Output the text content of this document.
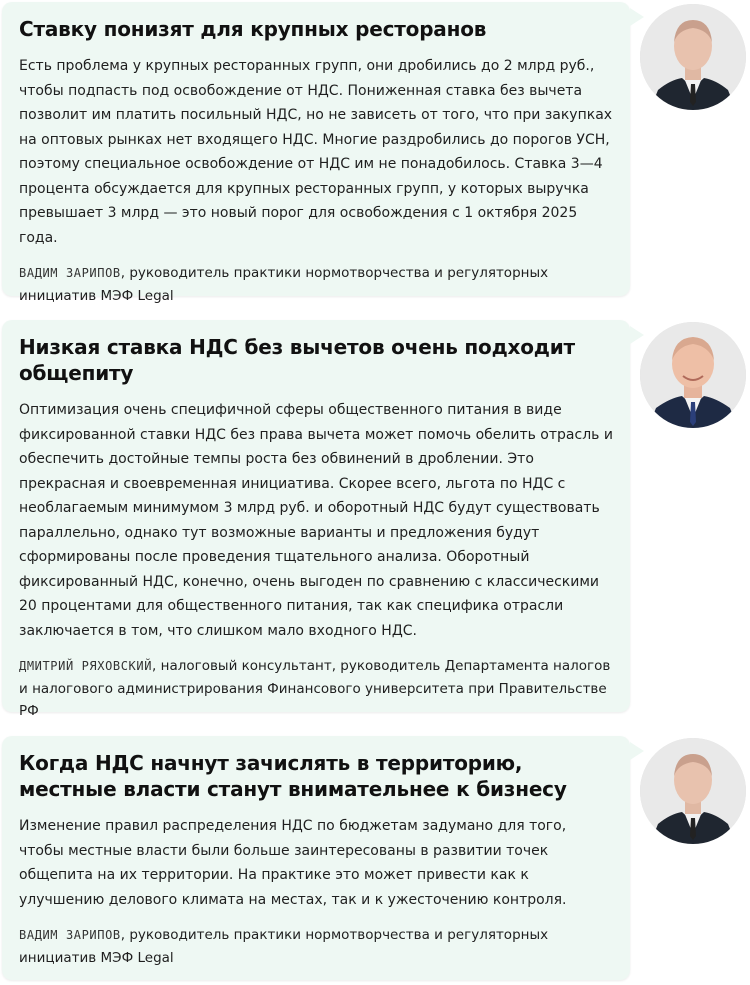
Ставку понизят для крупных ресторанов

Есть проблема у крупных ресторанных групп, они дробились до 2 млрд руб., чтобы подпасть под освобождение от НДС. Пониженная ставка без вычета позволит им платить посильный НДС, но не зависеть от того, что при закупках на оптовых рынках нет входящего НДС. Многие раздробились до порогов УСН, поэтому специальное освобождение от НДС им не понадобилось. Ставка 3—4 процента обсуждается для крупных ресторанных групп, у которых выручка превышает 3 млрд — это новый порог для освобождения с 1 октября 2025 года.

ВАДИМ ЗАРИПОВ, руководитель практики нормотворчества и регуляторных инициатив МЭФ Legal
Низкая ставка НДС без вычетов очень подходит общепиту

Оптимизация очень специфичной сферы общественного питания в виде фиксированной ставки НДС без права вычета может помочь обелить отрасль и обеспечить достойные темпы роста без обвинений в дроблении. Это прекрасная и своевременная инициатива. Скорее всего, льгота по НДС с необлагаемым минимумом 3 млрд руб. и оборотный НДС будут существовать параллельно, однако тут возможные варианты и предложения будут сформированы после проведения тщательного анализа. Оборотный фиксированный НДС, конечно, очень выгоден по сравнению с классическими 20 процентами для общественного питания, так как специфика отрасли заключается в том, что слишком мало входного НДС.

ДМИТРИЙ РЯХОВСКИЙ, налоговый консультант, руководитель Департамента налогов и налогового администрирования Финансового университета при Правительстве РФ
Когда НДС начнут зачислять в территорию, местные власти станут внимательнее к бизнесу

Изменение правил распределения НДС по бюджетам задумано для того, чтобы местные власти были больше заинтересованы в развитии точек общепита на их территории. На практике это может привести как к улучшению делового климата на местах, так и к ужесточению контроля.

ВАДИМ ЗАРИПОВ, руководитель практики нормотворчества и регуляторных инициатив МЭФ Legal
